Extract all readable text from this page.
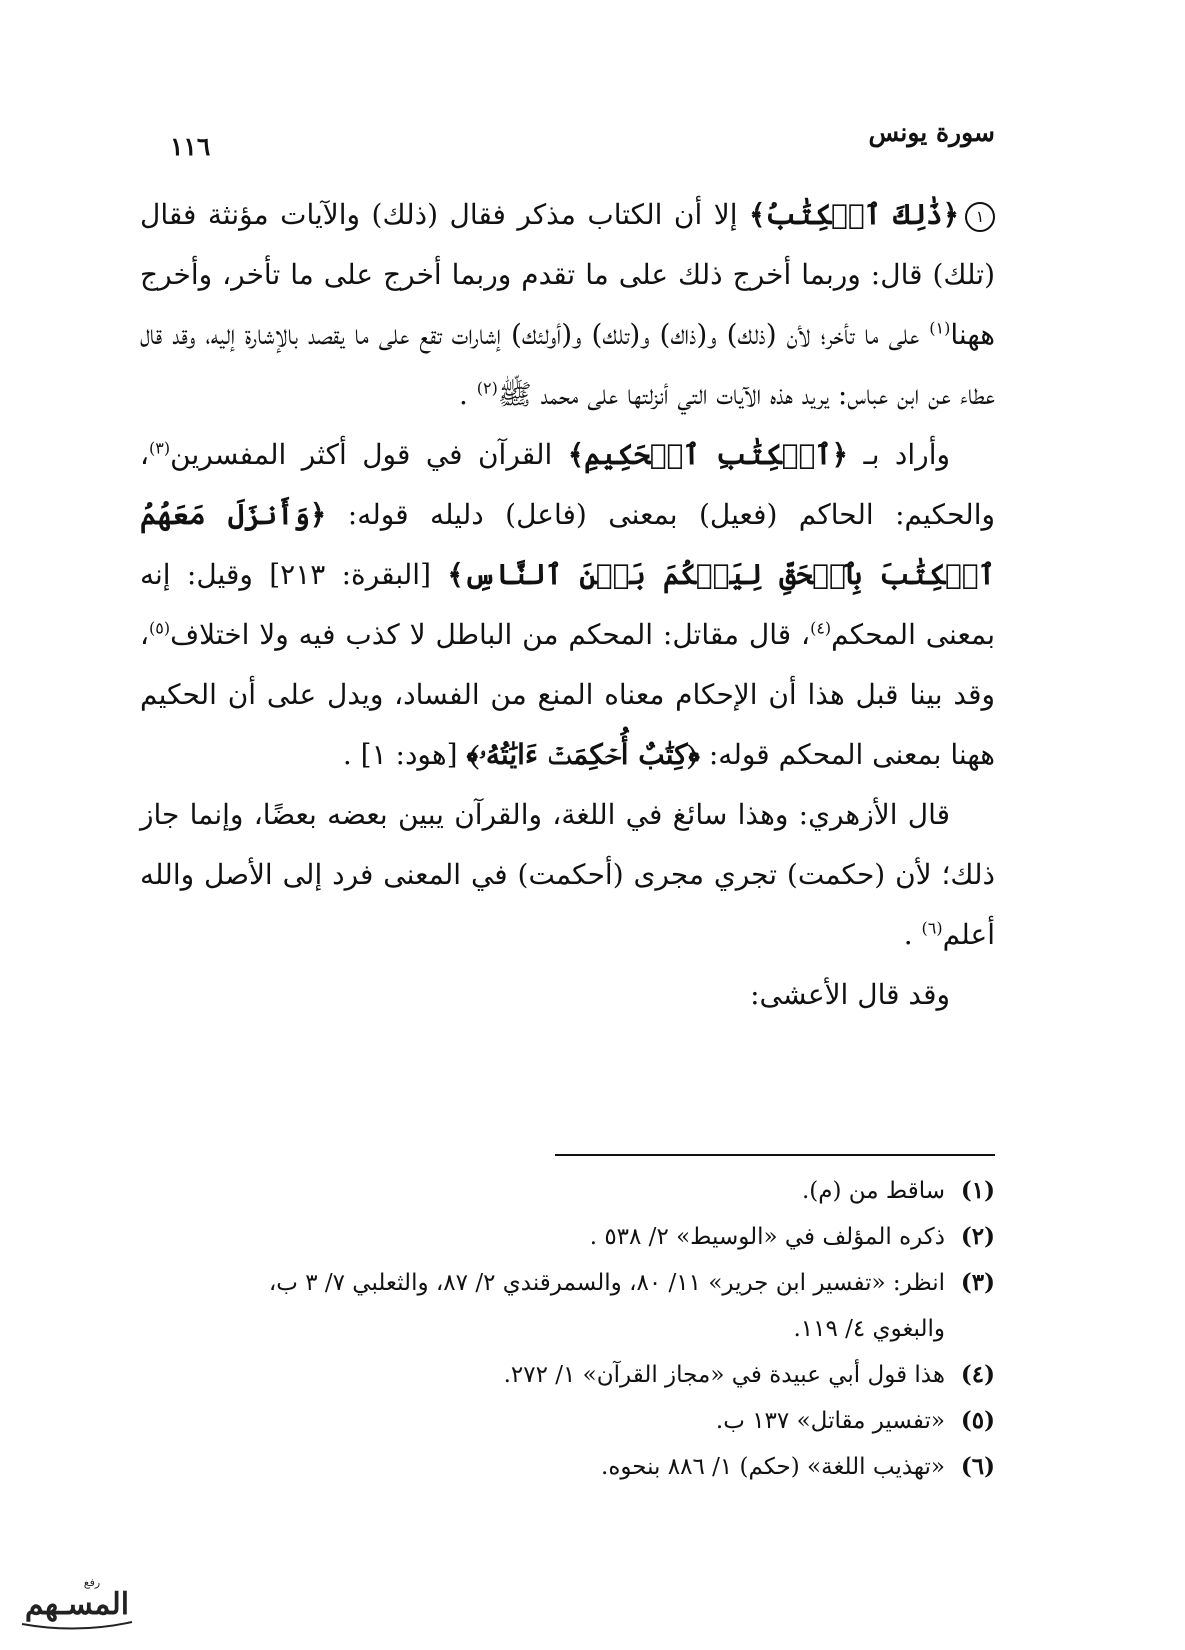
سورة يونس
١١٦

١﴿ذَٰلِكَ ٱلۡكِتَٰبُ﴾ إلا أن الكتاب مذكر فقال (ذلك) والآيات مؤنثة فقال (تلك) قال: وربما أخرج ذلك على ما تقدم وربما أخرج على ما تأخر، وأخرج ههنا$^{(١)}$ على ما تأخر؛ لأن (ذلك) و(ذاك) و(تلك) و(أولئك) إشارات تقع على ما يقصد بالإشارة إليه، وقد قال عطاء عن ابن عباس: يريد هذه الآيات التي أنزلتها على محمد ﷺ$^{(٢)}$ .

وأراد بـ ﴿ٱلۡكِتَٰبِ ٱلۡحَكِيمِ﴾ القرآن في قول أكثر المفسرين$^{(٣)}$، والحكيم: الحاكم (فعيل) بمعنى (فاعل) دليله قوله: ﴿وَأَنزَلَ مَعَهُمُ ٱلۡكِتَٰبَ بِٱلۡحَقِّ لِيَحۡكُمَ بَيۡنَ ٱلنَّاسِ﴾ [البقرة: ٢١٣] وقيل: إنه بمعنى المحكم$^{(٤)}$، قال مقاتل: المحكم من الباطل لا كذب فيه ولا اختلاف$^{(٥)}$، وقد بينا قبل هذا أن الإحكام معناه المنع من الفساد، ويدل على أن الحكيم ههنا بمعنى المحكم قوله: ﴿كِتَٰبٌ أُحۡكِمَتۡ ءَايَٰتُهُۥ﴾ [هود: ١] .

قال الأزهري: وهذا سائغ في اللغة، والقرآن يبين بعضه بعضًا، وإنما جاز ذلك؛ لأن (حكمت) تجري مجرى (أحكمت) في المعنى فرد إلى الأصل والله أعلم$^{(٦)}$ .

وقد قال الأعشى:

(١)
ساقط من (م).
(٢)
ذكره المؤلف في «الوسيط» ٢/ ٥٣٨ .
(٣)
انظر: «تفسير ابن جرير» ١١/ ٨٠، والسمرقندي ٢/ ٨٧، والثعلبي ٧/ ٣ ب،
والبغوي ٤/ ١١٩.
(٤)
هذا قول أبي عبيدة في «مجاز القرآن» ١/ ٢٧٢.
(٥)
«تفسير مقاتل» ١٣٧ ب.
(٦)
«تهذيب اللغة» (حكم) ١/ ٨٨٦ بنحوه.
المسـهم
رفع
